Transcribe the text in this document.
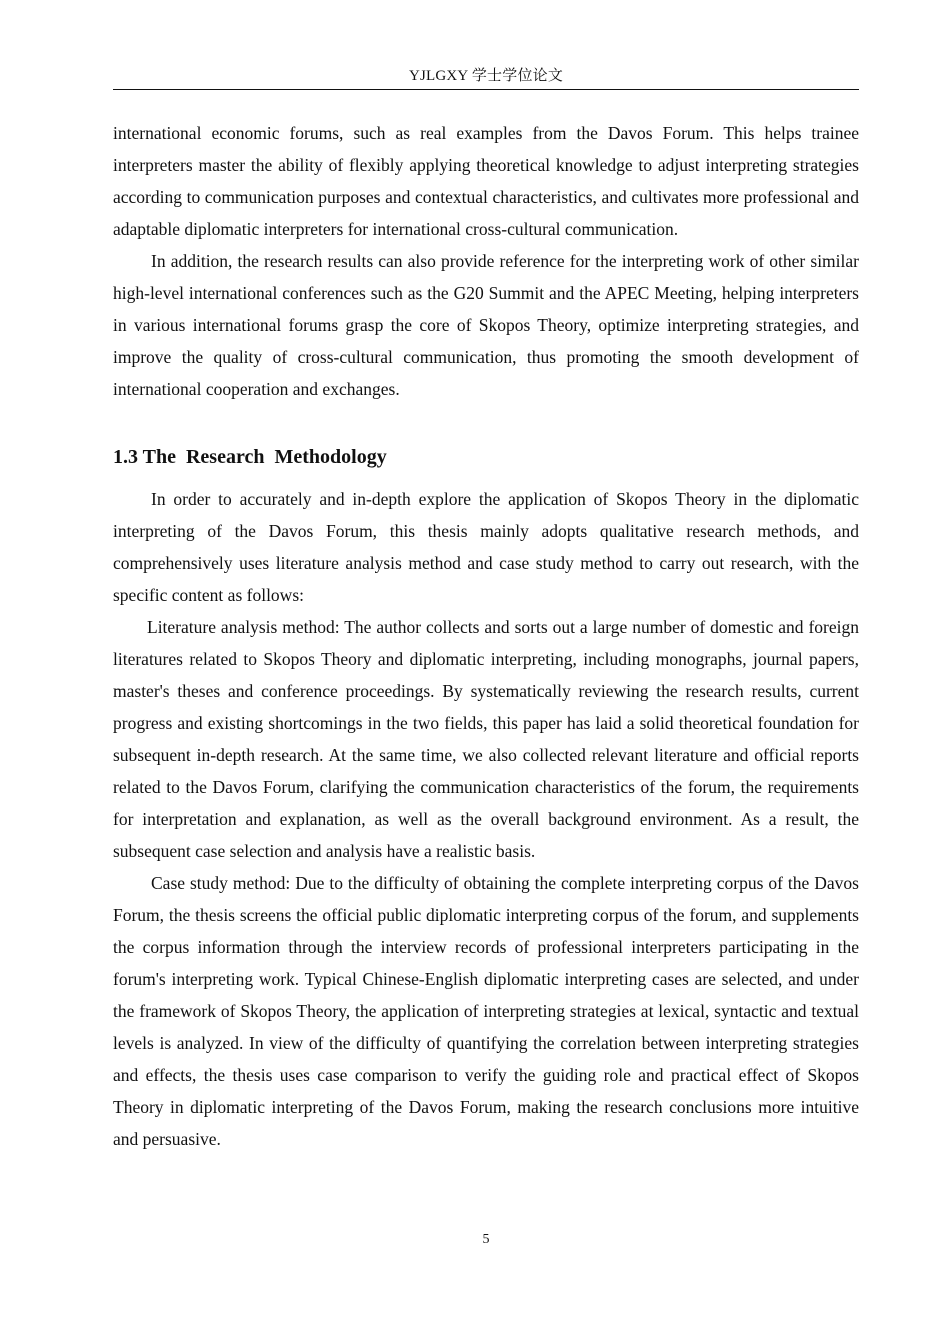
YJLGXY 学士学位论文

international economic forums, such as real examples from the Davos Forum. This helps trainee interpreters master the ability of flexibly applying theoretical knowledge to adjust interpreting strategies according to communication purposes and contextual characteristics, and cultivates more professional and adaptable diplomatic interpreters for international cross-cultural communication.

In addition, the research results can also provide reference for the interpreting work of other similar high-level international conferences such as the G20 Summit and the APEC Meeting, helping interpreters in various international forums grasp the core of Skopos Theory, optimize interpreting strategies, and improve the quality of cross-cultural communication, thus promoting the smooth development of international cooperation and exchanges.

1.3 The  Research  Methodology

In order to accurately and in-depth explore the application of Skopos Theory in the diplomatic interpreting of the Davos Forum, this thesis mainly adopts qualitative research methods, and comprehensively uses literature analysis method and case study method to carry out research, with the specific content as follows:

Literature analysis method: The author collects and sorts out a large number of domestic and foreign literatures related to Skopos Theory and diplomatic interpreting, including monographs, journal papers, master's theses and conference proceedings. By systematically reviewing the research results, current progress and existing shortcomings in the two fields, this paper has laid a solid theoretical foundation for subsequent in-depth research. At the same time, we also collected relevant literature and official reports related to the Davos Forum, clarifying the communication characteristics of the forum, the requirements for interpretation and explanation, as well as the overall background environment. As a result, the subsequent case selection and analysis have a realistic basis.

Case study method: Due to the difficulty of obtaining the complete interpreting corpus of the Davos Forum, the thesis screens the official public diplomatic interpreting corpus of the forum, and supplements the corpus information through the interview records of professional interpreters participating in the forum's interpreting work. Typical Chinese-English diplomatic interpreting cases are selected, and under the framework of Skopos Theory, the application of interpreting strategies at lexical, syntactic and textual levels is analyzed. In view of the difficulty of quantifying the correlation between interpreting strategies and effects, the thesis uses case comparison to verify the guiding role and practical effect of Skopos Theory in diplomatic interpreting of the Davos Forum, making the research conclusions more intuitive and persuasive.

5
